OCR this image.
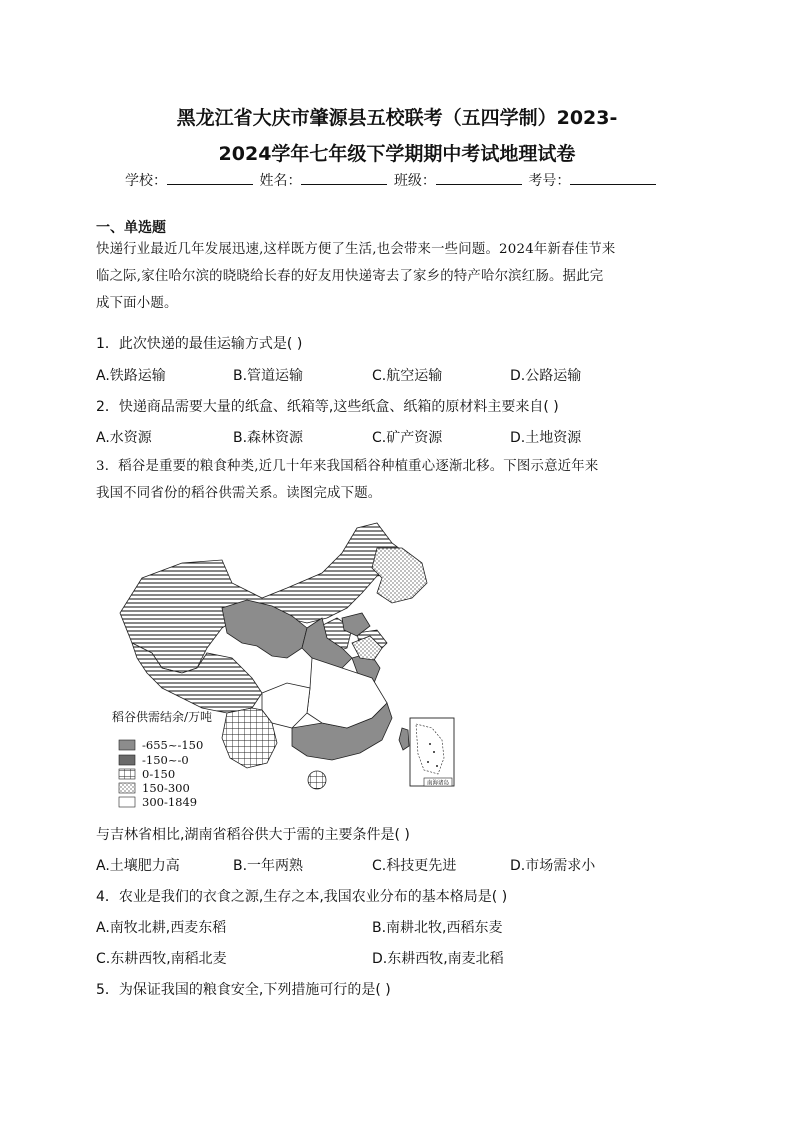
黑龙江省大庆市肇源县五校联考（五四学制）2023-
2024学年七年级下学期期中考试地理试卷
学校：	姓名：	班级：	考号：
一、单选题
快递行业最近几年发展迅速,这样既方便了生活,也会带来一些问题。2024年新春佳节来
临之际,家住哈尔滨的晓晓给长春的好友用快递寄去了家乡的特产哈尔滨红肠。据此完
成下面小题。
1．此次快递的最佳运输方式是( )
A.铁路运输	B.管道运输	C.航空运输	D.公路运输
2．快递商品需要大量的纸盒、纸箱等,这些纸盒、纸箱的原材料主要来自( )
A.水资源	B.森林资源	C.矿产资源	D.土地资源
3．稻谷是重要的粮食种类,近几十年来我国稻谷种植重心逐渐北移。下图示意近年来
我国不同省份的稻谷供需关系。读图完成下题。
南海诸岛
稻谷供需结余/万吨
-655~-150
-150~-0
0-150
150-300
300-1849
与吉林省相比,湖南省稻谷供大于需的主要条件是( )
A.土壤肥力高	B.一年两熟	C.科技更先进	D.市场需求小
4．农业是我们的衣食之源,生存之本,我国农业分布的基本格局是( )
A.南牧北耕,西麦东稻	B.南耕北牧,西稻东麦
C.东耕西牧,南稻北麦	D.东耕西牧,南麦北稻
5．为保证我国的粮食安全,下列措施可行的是( )
